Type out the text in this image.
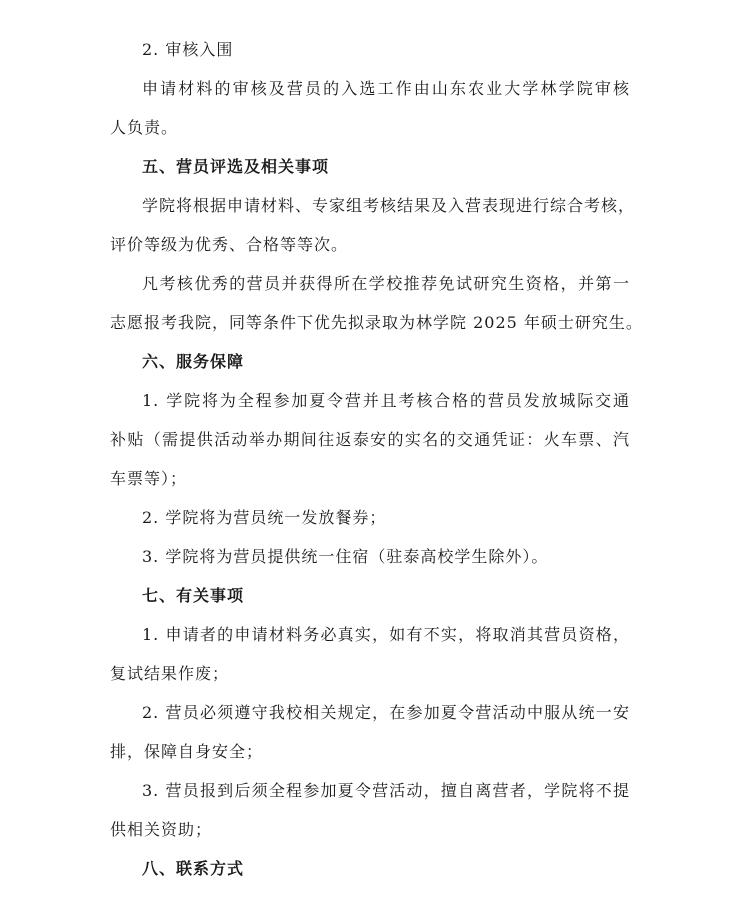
2. 审核入围
申请材料的审核及营员的入选工作由山东农业大学林学院审核
人负责。
五、营员评选及相关事项
学院将根据申请材料、专家组考核结果及入营表现进行综合考核，
评价等级为优秀、合格等等次。
凡考核优秀的营员并获得所在学校推荐免试研究生资格，并第一
志愿报考我院，同等条件下优先拟录取为林学院 2025 年硕士研究生。
六、服务保障
1. 学院将为全程参加夏令营并且考核合格的营员发放城际交通
补贴（需提供活动举办期间往返泰安的实名的交通凭证：火车票、汽
车票等）；
2. 学院将为营员统一发放餐券；
3. 学院将为营员提供统一住宿（驻泰高校学生除外）。
七、有关事项
1. 申请者的申请材料务必真实，如有不实，将取消其营员资格，
复试结果作废；
2. 营员必须遵守我校相关规定，在参加夏令营活动中服从统一安
排，保障自身安全；
3. 营员报到后须全程参加夏令营活动，擅自离营者，学院将不提
供相关资助；
八、联系方式
